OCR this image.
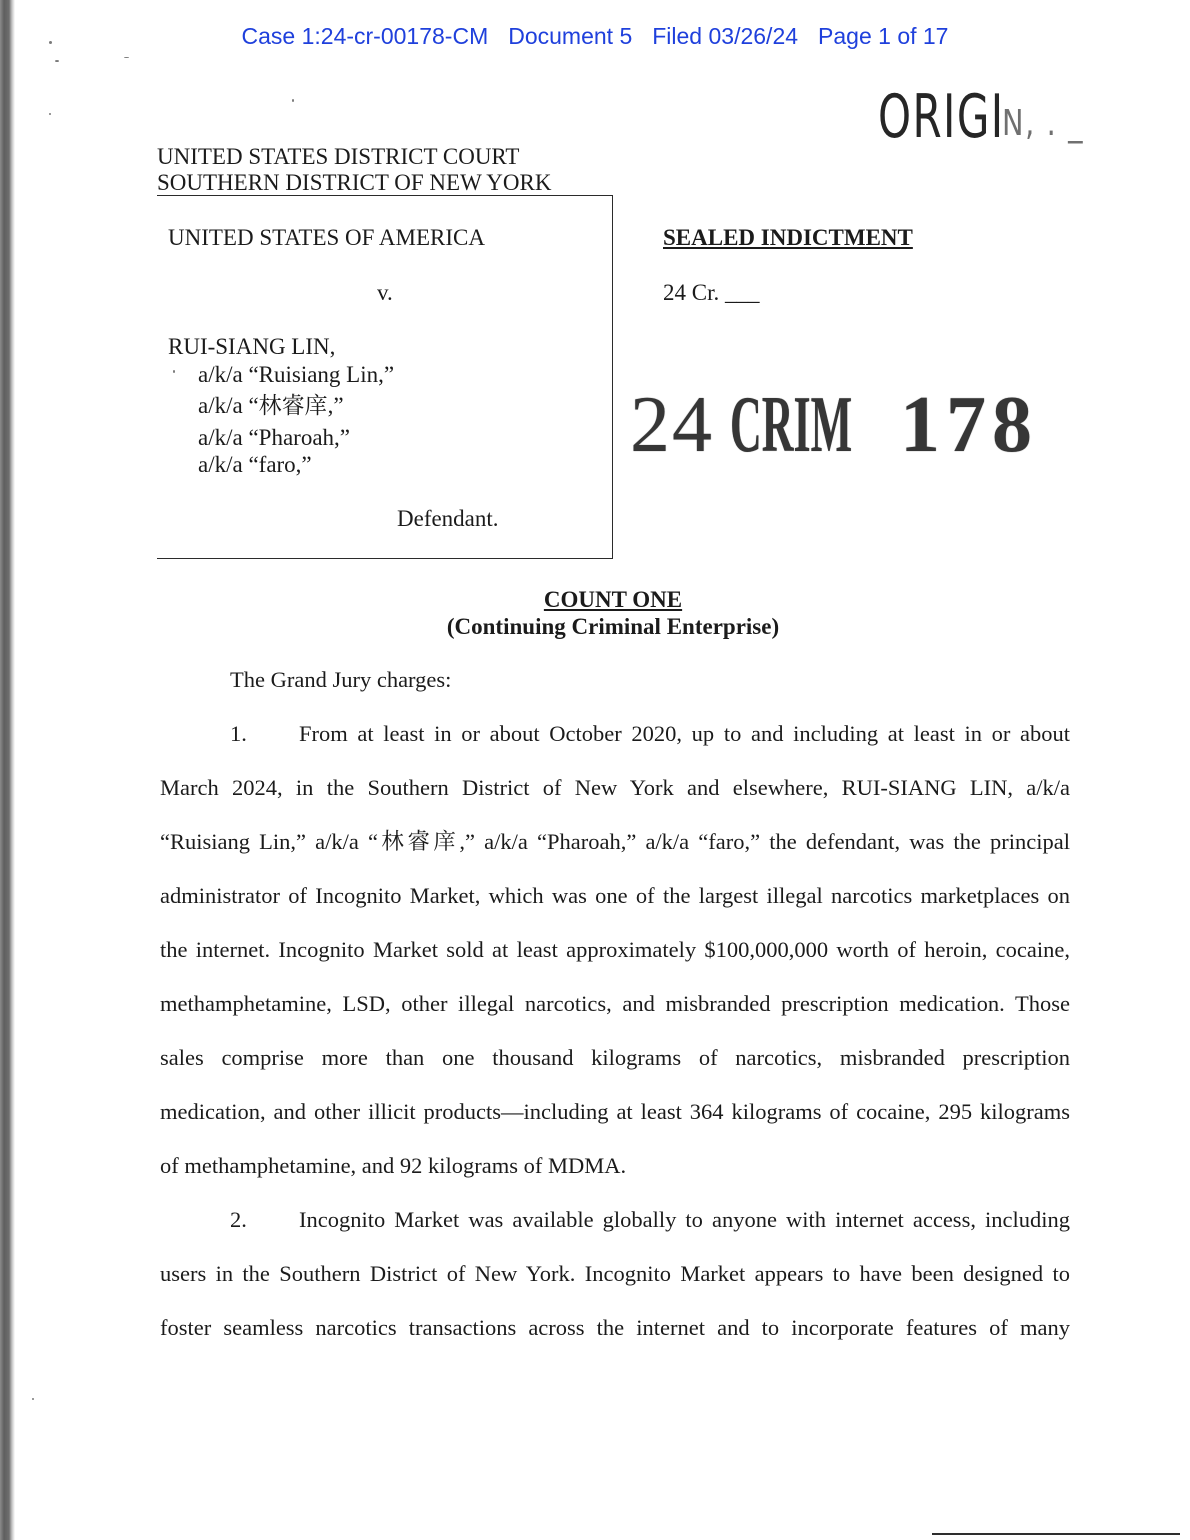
Case 1:24-cr-00178-CM Document 5 Filed 03/26/24 Page 1 of 17
ORIGI
N, . _
UNITED STATES DISTRICT COURT
SOUTHERN DISTRICT OF NEW YORK
UNITED STATES OF AMERICA
v.
RUI-SIANG LIN,
a/k/a “Ruisiang Lin,”
a/k/a “林睿庠,”
a/k/a “Pharoah,”
a/k/a “faro,”
Defendant.
SEALED INDICTMENT
24 Cr. ___
24 CRIM 178
COUNT ONE
(Continuing Criminal Enterprise)
The Grand Jury charges:
1.	From at least in or about October 2020, up to and including at least in or about
March 2024, in the Southern District of New York and elsewhere, RUI-SIANG LIN, a/k/a
“Ruisiang Lin,” a/k/a “林睿庠,” a/k/a “Pharoah,” a/k/a “faro,” the defendant, was the principal
administrator of Incognito Market, which was one of the largest illegal narcotics marketplaces on
the internet. Incognito Market sold at least approximately $100,000,000 worth of heroin, cocaine,
methamphetamine, LSD, other illegal narcotics, and misbranded prescription medication. Those
sales comprise more than one thousand kilograms of narcotics, misbranded prescription
medication, and other illicit products—including at least 364 kilograms of cocaine, 295 kilograms
of methamphetamine, and 92 kilograms of MDMA.
2.	Incognito Market was available globally to anyone with internet access, including
users in the Southern District of New York. Incognito Market appears to have been designed to
foster seamless narcotics transactions across the internet and to incorporate features of many
